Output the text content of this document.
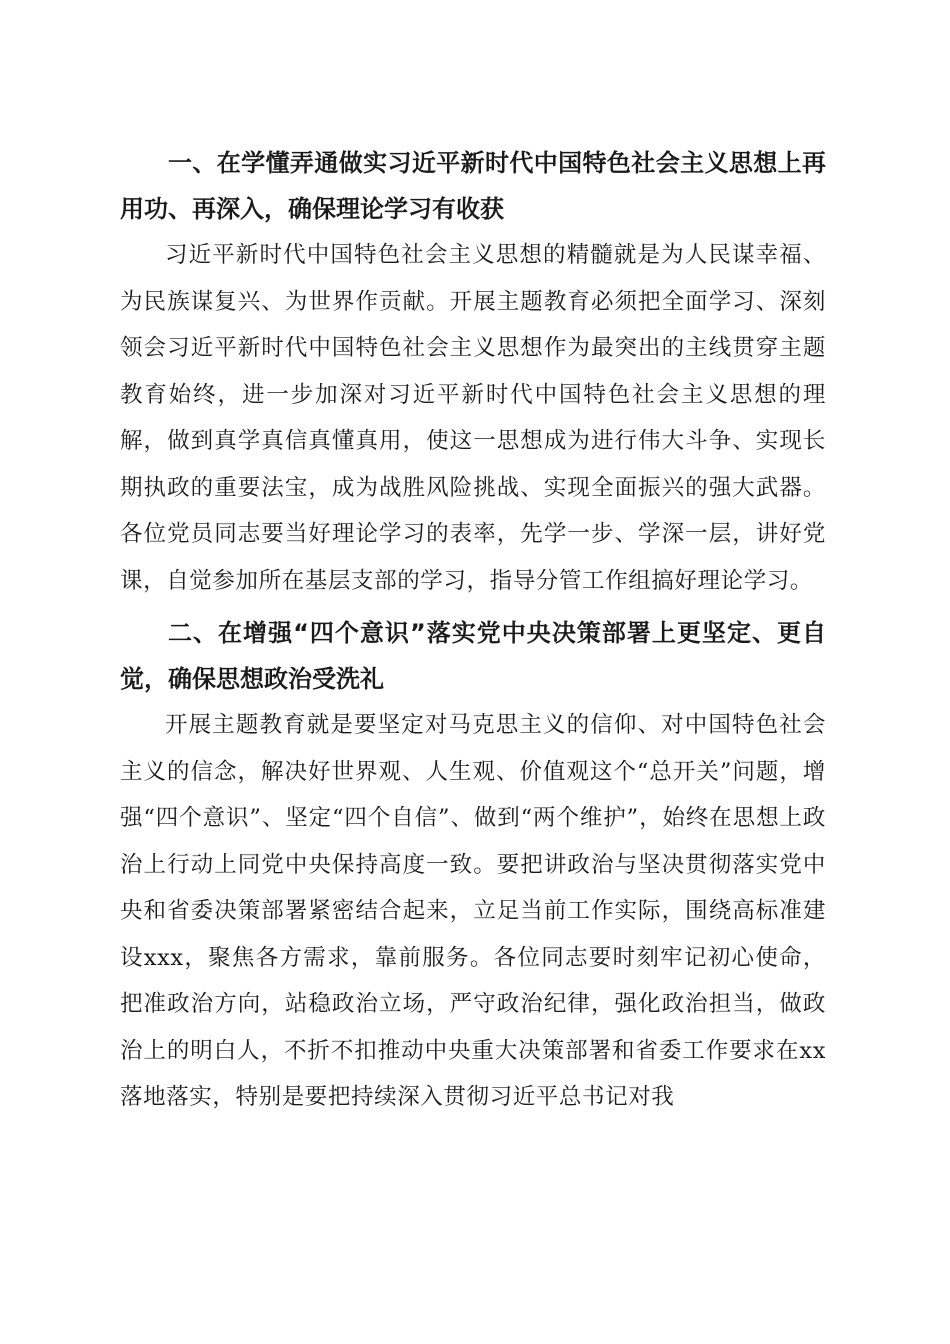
一、在学懂弄通做实习近平新时代中国特色社会主义思想上再用功、再深入，确保理论学习有收获

习近平新时代中国特色社会主义思想的精髓就是为人民谋幸福、为民族谋复兴、为世界作贡献。开展主题教育必须把全面学习、深刻领会习近平新时代中国特色社会主义思想作为最突出的主线贯穿主题教育始终，进一步加深对习近平新时代中国特色社会主义思想的理解，做到真学真信真懂真用，使这一思想成为进行伟大斗争、实现长期执政的重要法宝，成为战胜风险挑战、实现全面振兴的强大武器。各位党员同志要当好理论学习的表率，先学一步、学深一层，讲好党课，自觉参加所在基层支部的学习，指导分管工作组搞好理论学习。

二、在增强“四个意识”落实党中央决策部署上更坚定、更自觉，确保思想政治受洗礼

开展主题教育就是要坚定对马克思主义的信仰、对中国特色社会主义的信念，解决好世界观、人生观、价值观这个“总开关”问题，增强“四个意识”、坚定“四个自信”、做到“两个维护”，始终在思想上政治上行动上同党中央保持高度一致。要把讲政治与坚决贯彻落实党中央和省委决策部署紧密结合起来，立足当前工作实际，围绕高标准建设xxx，聚焦各方需求，靠前服务。各位同志要时刻牢记初心使命，把准政治方向，站稳政治立场，严守政治纪律，强化政治担当，做政治上的明白人，不折不扣推动中央重大决策部署和省委工作要求在xx落地落实，特别是要把持续深入贯彻习近平总书记对我
